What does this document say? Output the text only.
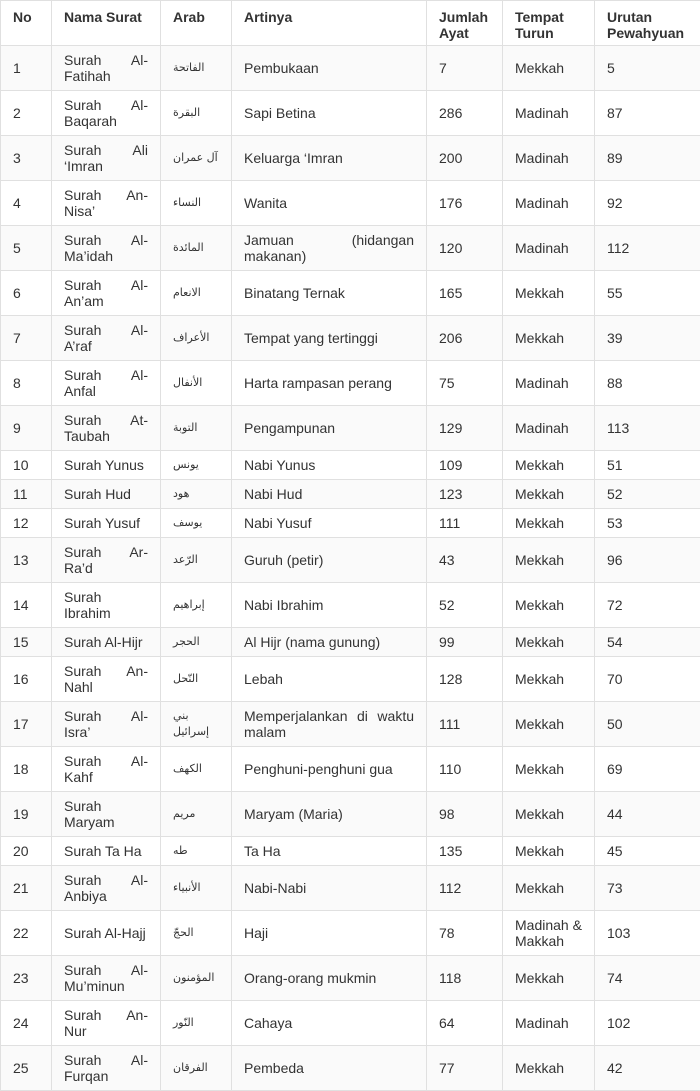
No	Nama Surat	Arab	Artinya	Jumlah Ayat	Tempat Turun	Urutan Pewahyuan
1	Surah Al-Fatihah	الفاتحة	Pembukaan	7	Mekkah	5
2	Surah Al-Baqarah	البقرة	Sapi Betina	286	Madinah	87
3	Surah Ali ‘Imran	آل عمران	Keluarga ‘Imran	200	Madinah	89
4	Surah An-Nisa’	النساء	Wanita	176	Madinah	92
5	Surah Al-Ma’idah	المائدة	Jamuan (hidangan makanan)	120	Madinah	112
6	Surah Al-An’am	الانعام	Binatang Ternak	165	Mekkah	55
7	Surah Al-A’raf	الأعراف	Tempat yang tertinggi	206	Mekkah	39
8	Surah Al-Anfal	الأنفال	Harta rampasan perang	75	Madinah	88
9	Surah At-Taubah	التوبة	Pengampunan	129	Madinah	113
10	Surah Yunus	يونس	Nabi Yunus	109	Mekkah	51
11	Surah Hud	هود	Nabi Hud	123	Mekkah	52
12	Surah Yusuf	يوسف	Nabi Yusuf	111	Mekkah	53
13	Surah Ar-Ra’d	الرّعد	Guruh (petir)	43	Mekkah	96
14	Surah Ibrahim	إبراهيم	Nabi Ibrahim	52	Mekkah	72
15	Surah Al-Hijr	الحجر	Al Hijr (nama gunung)	99	Mekkah	54
16	Surah An-Nahl	النّحل	Lebah	128	Mekkah	70
17	Surah Al-Isra’	بني إسرائيل	Memperjalankan di waktu malam	111	Mekkah	50
18	Surah Al-Kahf	الكهف	Penghuni-penghuni gua	110	Mekkah	69
19	Surah Maryam	مريم	Maryam (Maria)	98	Mekkah	44
20	Surah Ta Ha	طه	Ta Ha	135	Mekkah	45
21	Surah Al-Anbiya	الأنبياء	Nabi-Nabi	112	Mekkah	73
22	Surah Al-Hajj	الحجّ	Haji	78	Madinah & Makkah	103
23	Surah Al-Mu’minun	المؤمنون	Orang-orang mukmin	118	Mekkah	74
24	Surah An-Nur	النّور	Cahaya	64	Madinah	102
25	Surah Al-Furqan	الفرقان	Pembeda	77	Mekkah	42
